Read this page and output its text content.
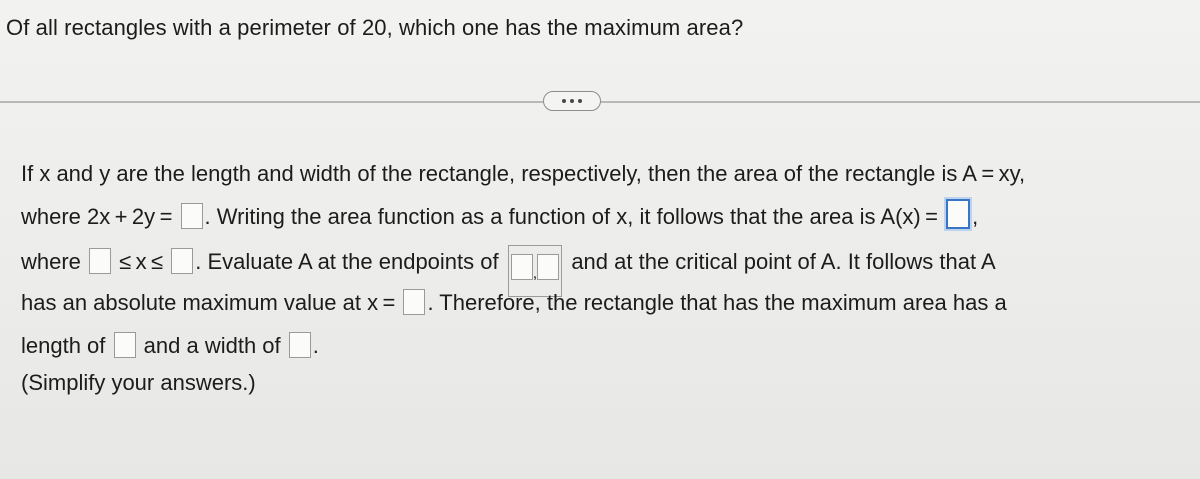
Of all rectangles with a perimeter of 20, which one has the maximum area?
If x and y are the length and width of the rectangle, respectively, then the area of the rectangle is A = xy,
where 2x + 2y = . Writing the area function as a function of x, it follows that the area is A(x) = ,
where ≤ x ≤ . Evaluate A at the endpoints of , and at the critical point of A. It follows that A
has an absolute maximum value at x = . Therefore, the rectangle that has the maximum area has a
length of and a width of .
(Simplify your answers.)
